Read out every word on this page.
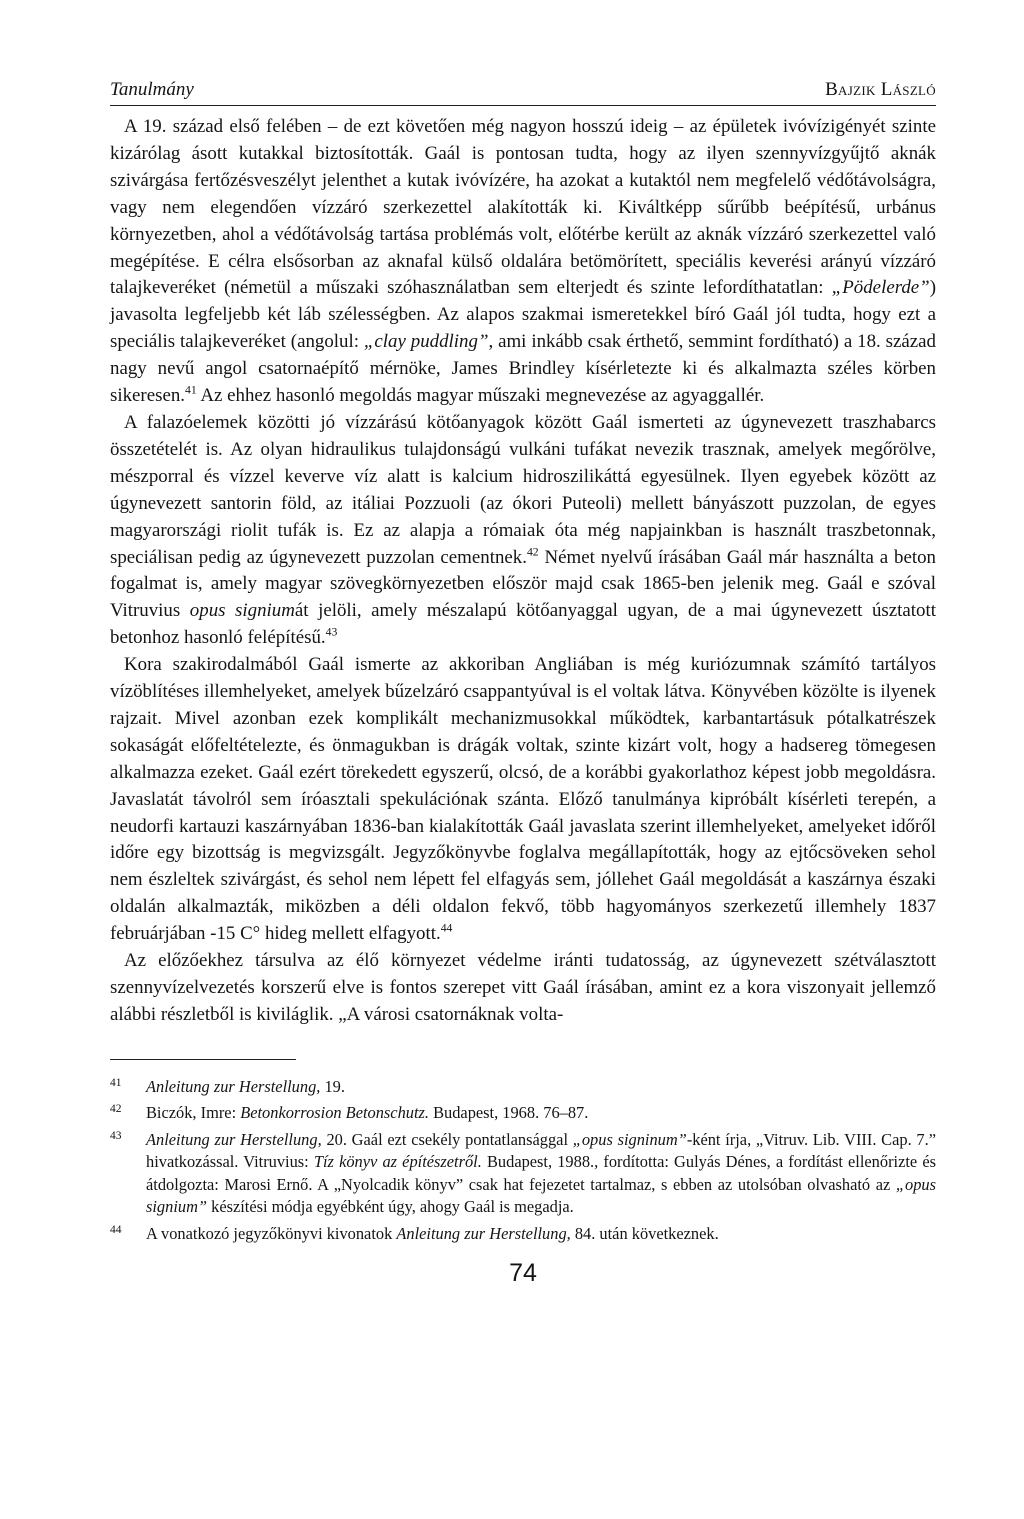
Tanulmány	Bajzik László

A 19. század első felében – de ezt követően még nagyon hosszú ideig – az épületek ivóvízigényét szinte kizárólag ásott kutakkal biztosították. Gaál is pontosan tudta, hogy az ilyen szennyvízgyűjtő aknák szivárgása fertőzésveszélyt jelenthet a kutak ivóvízére, ha azokat a kutaktól nem megfelelő védőtávolságra, vagy nem elegendően vízzáró szerkezettel alakították ki. Kiváltképp sűrűbb beépítésű, urbánus környezetben, ahol a védőtávolság tartása problémás volt, előtérbe került az aknák vízzáró szerkezettel való megépítése. E célra elsősorban az aknafal külső oldalára betömörített, speciális keverési arányú vízzáró talajkeveréket (németül a műszaki szóhasználatban sem elterjedt és szinte lefordíthatatlan: „Pödelerde”) javasolta legfeljebb két láb szélességben. Az alapos szakmai ismeretekkel bíró Gaál jól tudta, hogy ezt a speciális talajkeveréket (angolul: „clay puddling”, ami inkább csak érthető, semmint fordítható) a 18. század nagy nevű angol csatornaépítő mérnöke, James Brindley kísérletezte ki és alkalmazta széles körben sikeresen.$^{41}$ Az ehhez hasonló megoldás magyar műszaki megnevezése az agyaggallér.

A falazóelemek közötti jó vízzárású kötőanyagok között Gaál ismerteti az úgynevezett traszhabarcs összetételét is. Az olyan hidraulikus tulajdonságú vulkáni tufákat nevezik trasznak, amelyek megőrölve, mészporral és vízzel keverve víz alatt is kalcium hidroszilikáttá egyesülnek. Ilyen egyebek között az úgynevezett santorin föld, az itáliai Pozzuoli (az ókori Puteoli) mellett bányászott puzzolan, de egyes magyarországi riolit tufák is. Ez az alapja a rómaiak óta még napjainkban is használt traszbetonnak, speciálisan pedig az úgynevezett puzzolan cementnek.$^{42}$ Német nyelvű írásában Gaál már használta a beton fogalmat is, amely magyar szövegkörnyezetben először majd csak 1865-ben jelenik meg. Gaál e szóval Vitruvius opus signiumát jelöli, amely mészalapú kötőanyaggal ugyan, de a mai úgynevezett úsztatott betonhoz hasonló felépítésű.$^{43}$

Kora szakirodalmából Gaál ismerte az akkoriban Angliában is még kuriózumnak számító tartályos vízöblítéses illemhelyeket, amelyek bűzelzáró csappantyúval is el voltak látva. Könyvében közölte is ilyenek rajzait. Mivel azonban ezek komplikált mechanizmusokkal működtek, karbantartásuk pótalkatrészek sokaságát előfeltételezte, és önmagukban is drágák voltak, szinte kizárt volt, hogy a hadsereg tömegesen alkalmazza ezeket. Gaál ezért törekedett egyszerű, olcsó, de a korábbi gyakorlathoz képest jobb megoldásra. Javaslatát távolról sem íróasztali spekulációnak szánta. Előző tanulmánya kipróbált kísérleti terepén, a neudorfi kartauzi kaszárnyában 1836-ban kialakították Gaál javaslata szerint illemhelyeket, amelyeket időről időre egy bizottság is megvizsgált. Jegyzőkönyvbe foglalva megállapították, hogy az ejtőcsöveken sehol nem észleltek szivárgást, és sehol nem lépett fel elfagyás sem, jóllehet Gaál megoldását a kaszárnya északi oldalán alkalmazták, miközben a déli oldalon fekvő, több hagyományos szerkezetű illemhely 1837 februárjában -15 C° hideg mellett elfagyott.$^{44}$

Az előzőekhez társulva az élő környezet védelme iránti tudatosság, az úgynevezett szétválasztott szennyvízelvezetés korszerű elve is fontos szerepet vitt Gaál írásában, amint ez a kora viszonyait jellemző alábbi részletből is kiviláglik. „A városi csatornáknak volta-

41	Anleitung zur Herstellung, 19.
42	Biczók, Imre: Betonkorrosion Betonschutz. Budapest, 1968. 76–87.
43	Anleitung zur Herstellung, 20. Gaál ezt csekély pontatlansággal „opus signinum”-ként írja, „Vitruv. Lib. VIII. Cap. 7.” hivatkozással. Vitruvius: Tíz könyv az építészetről. Budapest, 1988., fordította: Gulyás Dénes, a fordítást ellenőrizte és átdolgozta: Marosi Ernő. A „Nyolcadik könyv” csak hat fejezetet tartalmaz, s ebben az utolsóban olvasható az „opus signium” készítési módja egyébként úgy, ahogy Gaál is megadja.
44	A vonatkozó jegyzőkönyvi kivonatok Anleitung zur Herstellung, 84. után következnek.
74
